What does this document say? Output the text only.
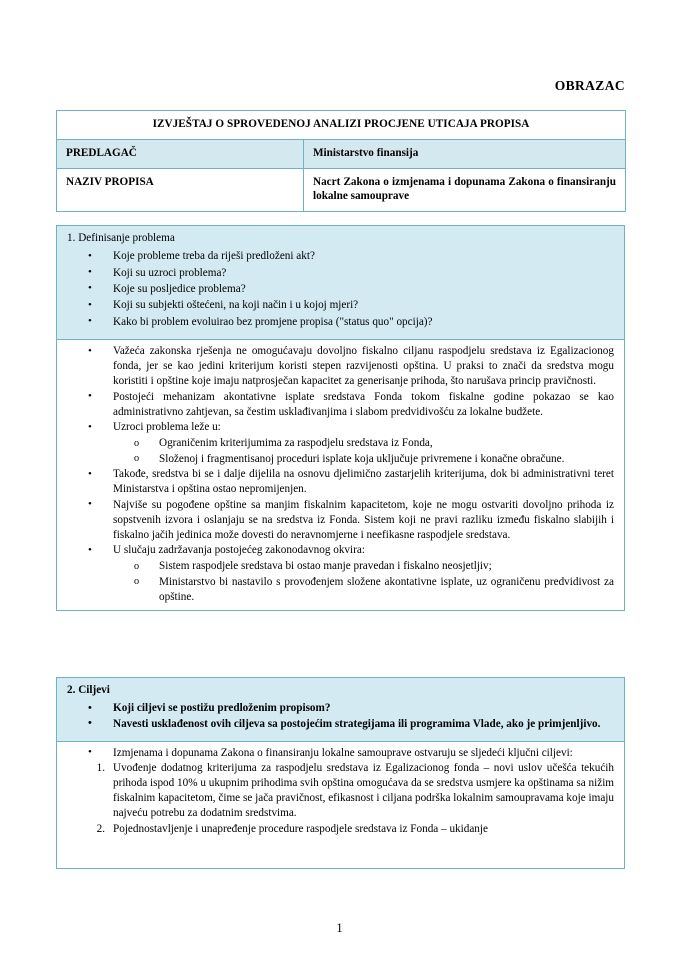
OBRAZAC
IZVJEŠTAJ O SPROVEDENOJ ANALIZI PROCJENE UTICAJA PROPISA	
PREDLAGAČ	Ministarstvo finansija
NAZIV PROPISA	Nacrt Zakona o izmjenama i dopunama Zakona o finansiranju lokalne samouprave
1. Definisanje problema
• Koje probleme treba da riješi predloženi akt?
• Koji su uzroci problema?
• Koje su posljedice problema?
• Koji su subjekti oštećeni, na koji način i u kojoj mjeri?
• Kako bi problem evoluirao bez promjene propisa ("status quo" opcija)?
• Važeća zakonska rješenja ne omogućavaju dovoljno fiskalno ciljanu raspodjelu sredstava iz Egalizacionog fonda, jer se kao jedini kriterijum koristi stepen razvijenosti opština. U praksi to znači da sredstva mogu koristiti i opštine koje imaju natprosječan kapacitet za generisanje prihoda, što narušava princip pravičnosti.
• Postojeći mehanizam akontativne isplate sredstava Fonda tokom fiskalne godine pokazao se kao administrativno zahtjevan, sa čestim usklađivanjima i slabom predvidivošću za lokalne budžete.
• Uzroci problema leže u:
o Ograničenim kriterijumima za raspodjelu sredstava iz Fonda,
o Složenoj i fragmentisanoj proceduri isplate koja uključuje privremene i konačne obračune.
• Takođe, sredstva bi se i dalje dijelila na osnovu djelimično zastarjelih kriterijuma, dok bi administrativni teret Ministarstva i opština ostao nepromijenjen.
• Najviše su pogođene opštine sa manjim fiskalnim kapacitetom, koje ne mogu ostvariti dovoljno prihoda iz sopstvenih izvora i oslanjaju se na sredstva iz Fonda. Sistem koji ne pravi razliku između fiskalno slabijih i fiskalno jačih jedinica može dovesti do neravnomjerne i neefikasne raspodjele sredstava.
• U slučaju zadržavanja postojećeg zakonodavnog okvira:
o Sistem raspodjele sredstava bi ostao manje pravedan i fiskalno neosjetljiv;
o Ministarstvo bi nastavilo s provođenjem složene akontativne isplate, uz ograničenu predvidivost za opštine.
2. Ciljevi
• Koji ciljevi se postižu predloženim propisom?
• Navesti usklađenost ovih ciljeva sa postojećim strategijama ili programima Vlade, ako je primjenljivo.
• Izmjenama i dopunama Zakona o finansiranju lokalne samouprave ostvaruju se sljedeći ključni ciljevi:
1. Uvođenje dodatnog kriterijuma za raspodjelu sredstava iz Egalizacionog fonda – novi uslov učešća tekućih prihoda ispod 10% u ukupnim prihodima svih opština omogućava da se sredstva usmjere ka opštinama sa nižim fiskalnim kapacitetom, čime se jača pravičnost, efikasnost i ciljana podrška lokalnim samoupravama koje imaju najveću potrebu za dodatnim sredstvima.
2. Pojednostavljenje i unapređenje procedure raspodjele sredstava iz Fonda – ukidanje
1
